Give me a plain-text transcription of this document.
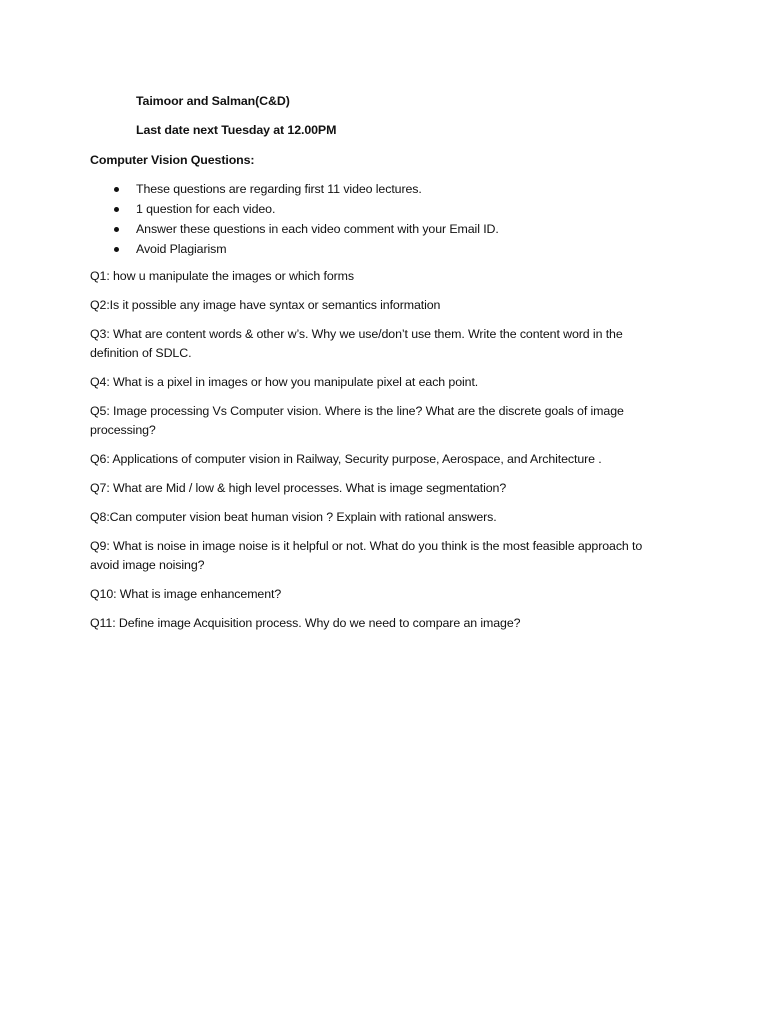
Taimoor and Salman(C&D)
Last date next Tuesday at 12.00PM
Computer Vision Questions:
These questions are regarding first 11 video lectures.
1 question for each video.
Answer these questions in each video comment with your Email ID.
Avoid Plagiarism
Q1: how u manipulate the images or which forms
Q2:Is it possible any image have syntax or semantics information
Q3: What are content words & other w’s. Why we use/don’t use them. Write the content word in the
definition of SDLC.
Q4: What is a pixel in images or how you manipulate pixel at each point.
Q5: Image processing Vs Computer vision. Where is the line? What are the discrete goals of image
processing?
Q6: Applications of computer vision in Railway, Security purpose, Aerospace, and Architecture .
Q7: What are Mid / low & high level processes. What is image segmentation?
Q8:Can computer vision beat human vision ? Explain with rational answers.
Q9: What is noise in image noise is it helpful or not. What do you think is the most feasible approach to
avoid image noising?
Q10: What is image enhancement?
Q11: Define image Acquisition process. Why do we need to compare an image?
